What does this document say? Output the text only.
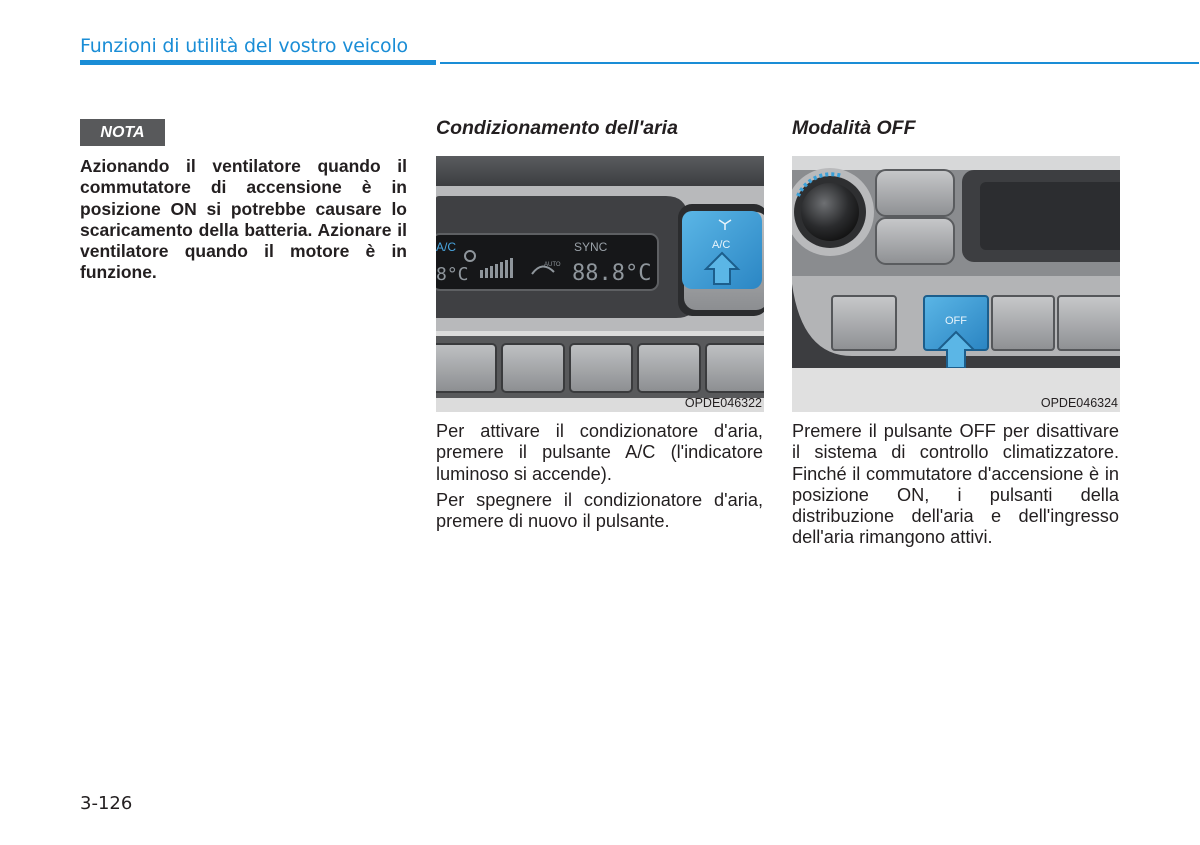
Funzioni di utilità del vostro veicolo
NOTA

Azionando il ventilatore quando il commutatore di accensione è in posizione ON si potrebbe causare lo scaricamento della batteria. Azionare il ventilatore quando il motore è in funzione.

Condizionamento dell'aria
A/C	SYNC
8°C	88.8°C
AUTO
A/C
OPDE046322

Per attivare il condizionatore d'aria, premere il pulsante A/C (l'indicatore luminoso si accende).

Per spegnere il condizionatore d'aria, premere di nuovo il pulsante.

Modalità OFF
OFF
OPDE046324

Premere il pulsante OFF per disattivare il sistema di controllo climatizzatore. Finché il commutatore d'accensione è in posizione ON, i pulsanti della distribuzione dell'aria e dell'ingresso dell'aria rimangono attivi.

3-126
